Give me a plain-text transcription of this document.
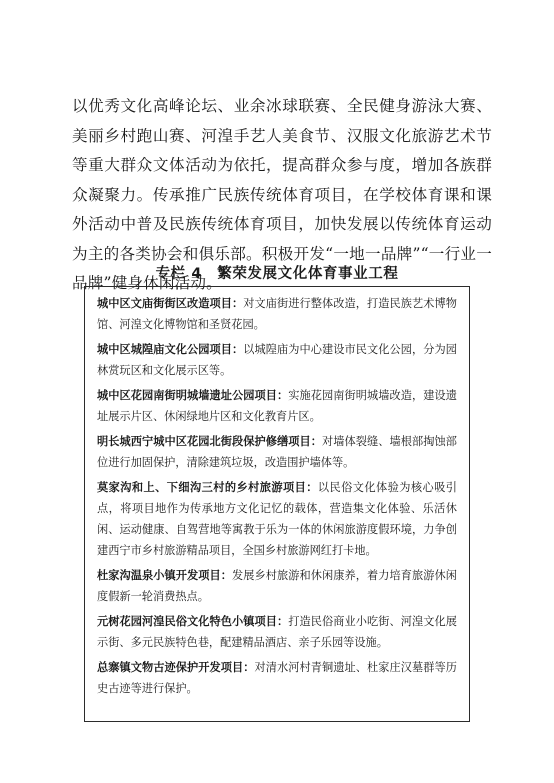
以优秀文化高峰论坛、业余冰球联赛、全民健身游泳大赛、美丽乡村跑山赛、河湟手艺人美食节、汉服文化旅游艺术节等重大群众文体活动为依托，提高群众参与度，增加各族群众凝聚力。传承推广民族传统体育项目，在学校体育课和课外活动中普及民族传统体育项目，加快发展以传统体育运动为主的各类协会和俱乐部。积极开发“一地一品牌”“一行业一品牌”健身休闲活动。

专栏 4　繁荣发展文化体育事业工程

城中区文庙街街区改造项目：对文庙街进行整体改造，打造民族艺术博物馆、河湟文化博物馆和圣贤花园。

城中区城隍庙文化公园项目：以城隍庙为中心建设市民文化公园，分为园林赏玩区和文化展示区等。

城中区花园南街明城墙遗址公园项目：实施花园南街明城墙改造，建设遗址展示片区、休闲绿地片区和文化教育片区。

明长城西宁城中区花园北街段保护修缮项目：对墙体裂缝、墙根部掏蚀部位进行加固保护，清除建筑垃圾，改造围护墙体等。

莫家沟和上、下细沟三村的乡村旅游项目：以民俗文化体验为核心吸引点，将项目地作为传承地方文化记忆的载体，营造集文化体验、乐活休闲、运动健康、自驾营地等寓教于乐为一体的休闲旅游度假环境，力争创建西宁市乡村旅游精品项目，全国乡村旅游网红打卡地。

杜家沟温泉小镇开发项目：发展乡村旅游和休闲康养，着力培育旅游休闲度假新一轮消费热点。

元树花园河湟民俗文化特色小镇项目：打造民俗商业小吃街、河湟文化展示街、多元民族特色巷，配建精品酒店、亲子乐园等设施。

总寨镇文物古迹保护开发项目：对清水河村青铜遗址、杜家庄汉墓群等历史古迹等进行保护。
